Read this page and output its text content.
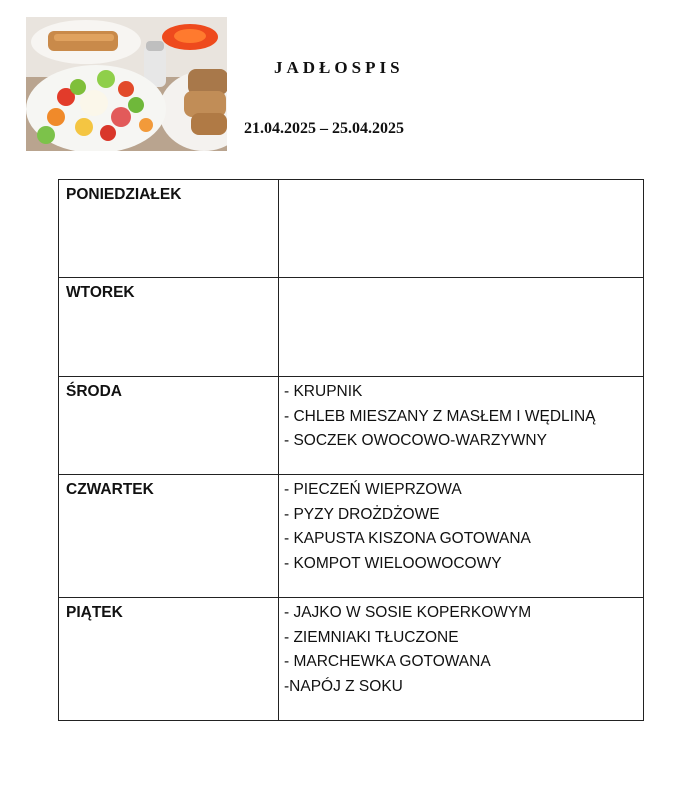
JADŁOSPIS
21.04.2025 – 25.04.2025
PONIEDZIAŁEK	
WTOREK	
ŚRODA	- KRUPNIK
- CHLEB MIESZANY Z MASŁEM I WĘDLINĄ
- SOCZEK OWOCOWO-WARZYWNY

CZWARTEK	- PIECZEŃ WIEPRZOWA
- PYZY DROŻDŻOWE
- KAPUSTA KISZONA GOTOWANA
- KOMPOT WIELOOWOCOWY

PIĄTEK	- JAJKO W SOSIE KOPERKOWYM
- ZIEMNIAKI TŁUCZONE
- MARCHEWKA GOTOWANA
-NAPÓJ Z SOKU
